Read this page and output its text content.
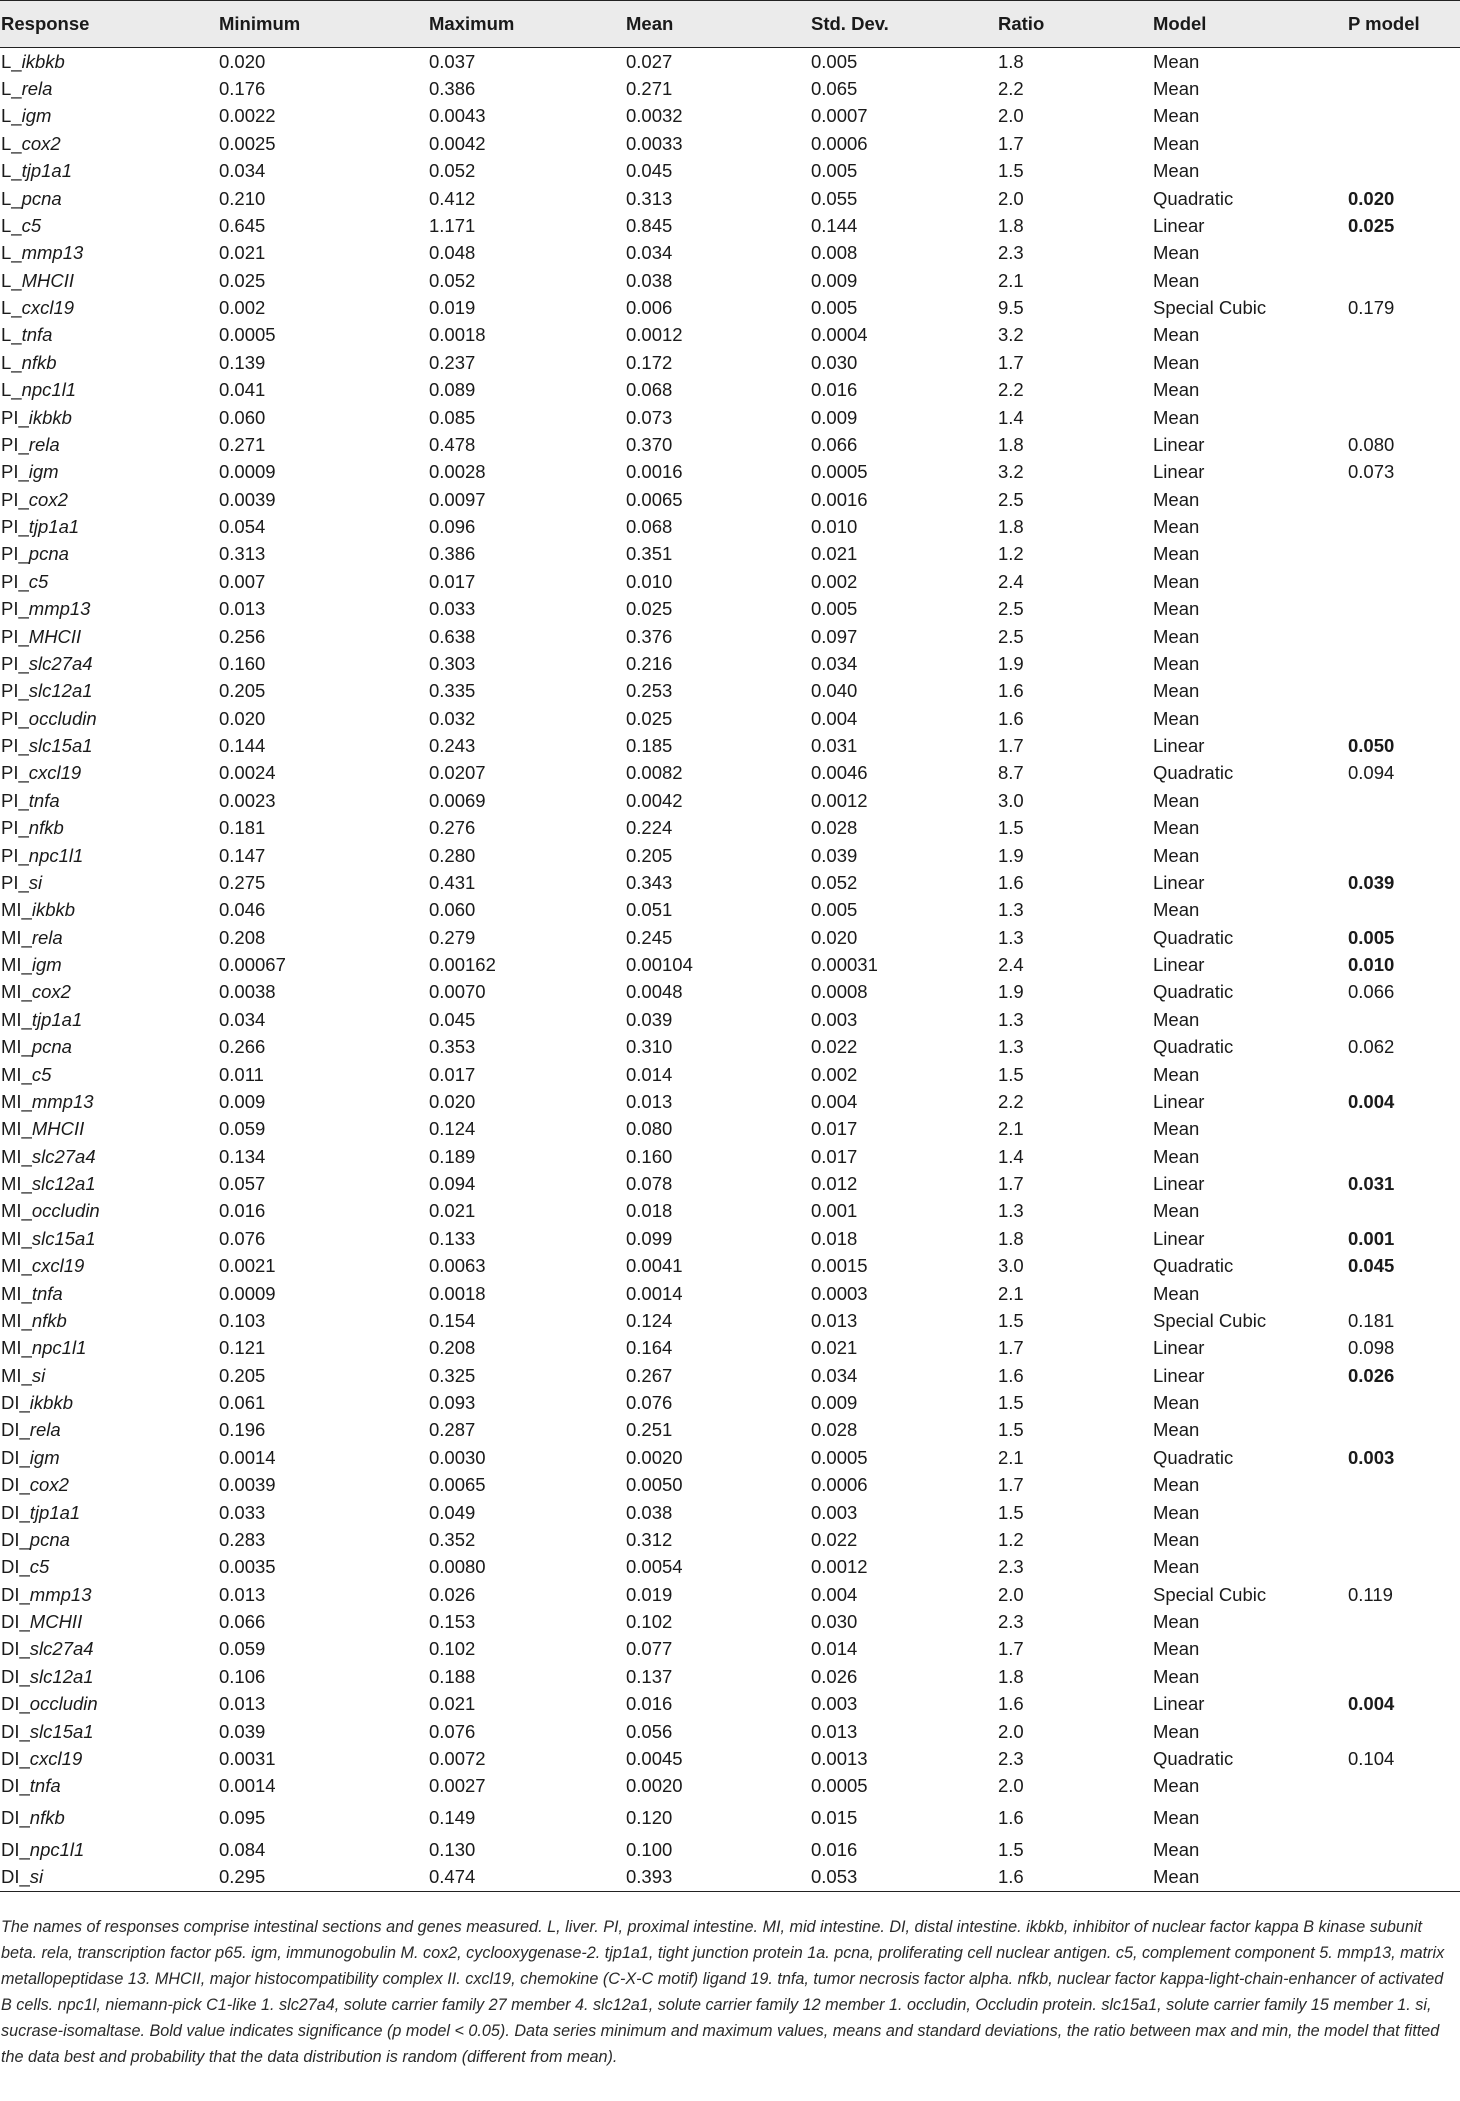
Response	Minimum	Maximum	Mean	Std. Dev.	Ratio	Model	P model
L_ikbkb	0.020	0.037	0.027	0.005	1.8	Mean	
L_rela	0.176	0.386	0.271	0.065	2.2	Mean	
L_igm	0.0022	0.0043	0.0032	0.0007	2.0	Mean	
L_cox2	0.0025	0.0042	0.0033	0.0006	1.7	Mean	
L_tjp1a1	0.034	0.052	0.045	0.005	1.5	Mean	
L_pcna	0.210	0.412	0.313	0.055	2.0	Quadratic	0.020
L_c5	0.645	1.171	0.845	0.144	1.8	Linear	0.025
L_mmp13	0.021	0.048	0.034	0.008	2.3	Mean	
L_MHCII	0.025	0.052	0.038	0.009	2.1	Mean	
L_cxcl19	0.002	0.019	0.006	0.005	9.5	Special Cubic	0.179
L_tnfa	0.0005	0.0018	0.0012	0.0004	3.2	Mean	
L_nfkb	0.139	0.237	0.172	0.030	1.7	Mean	
L_npc1l1	0.041	0.089	0.068	0.016	2.2	Mean	
PI_ikbkb	0.060	0.085	0.073	0.009	1.4	Mean	
PI_rela	0.271	0.478	0.370	0.066	1.8	Linear	0.080
PI_igm	0.0009	0.0028	0.0016	0.0005	3.2	Linear	0.073
PI_cox2	0.0039	0.0097	0.0065	0.0016	2.5	Mean	
PI_tjp1a1	0.054	0.096	0.068	0.010	1.8	Mean	
PI_pcna	0.313	0.386	0.351	0.021	1.2	Mean	
PI_c5	0.007	0.017	0.010	0.002	2.4	Mean	
PI_mmp13	0.013	0.033	0.025	0.005	2.5	Mean	
PI_MHCII	0.256	0.638	0.376	0.097	2.5	Mean	
PI_slc27a4	0.160	0.303	0.216	0.034	1.9	Mean	
PI_slc12a1	0.205	0.335	0.253	0.040	1.6	Mean	
PI_occludin	0.020	0.032	0.025	0.004	1.6	Mean	
PI_slc15a1	0.144	0.243	0.185	0.031	1.7	Linear	0.050
PI_cxcl19	0.0024	0.0207	0.0082	0.0046	8.7	Quadratic	0.094
PI_tnfa	0.0023	0.0069	0.0042	0.0012	3.0	Mean	
PI_nfkb	0.181	0.276	0.224	0.028	1.5	Mean	
PI_npc1l1	0.147	0.280	0.205	0.039	1.9	Mean	
PI_si	0.275	0.431	0.343	0.052	1.6	Linear	0.039
MI_ikbkb	0.046	0.060	0.051	0.005	1.3	Mean	
MI_rela	0.208	0.279	0.245	0.020	1.3	Quadratic	0.005
MI_igm	0.00067	0.00162	0.00104	0.00031	2.4	Linear	0.010
MI_cox2	0.0038	0.0070	0.0048	0.0008	1.9	Quadratic	0.066
MI_tjp1a1	0.034	0.045	0.039	0.003	1.3	Mean	
MI_pcna	0.266	0.353	0.310	0.022	1.3	Quadratic	0.062
MI_c5	0.011	0.017	0.014	0.002	1.5	Mean	
MI_mmp13	0.009	0.020	0.013	0.004	2.2	Linear	0.004
MI_MHCII	0.059	0.124	0.080	0.017	2.1	Mean	
MI_slc27a4	0.134	0.189	0.160	0.017	1.4	Mean	
MI_slc12a1	0.057	0.094	0.078	0.012	1.7	Linear	0.031
MI_occludin	0.016	0.021	0.018	0.001	1.3	Mean	
MI_slc15a1	0.076	0.133	0.099	0.018	1.8	Linear	0.001
MI_cxcl19	0.0021	0.0063	0.0041	0.0015	3.0	Quadratic	0.045
MI_tnfa	0.0009	0.0018	0.0014	0.0003	2.1	Mean	
MI_nfkb	0.103	0.154	0.124	0.013	1.5	Special Cubic	0.181
MI_npc1l1	0.121	0.208	0.164	0.021	1.7	Linear	0.098
MI_si	0.205	0.325	0.267	0.034	1.6	Linear	0.026
DI_ikbkb	0.061	0.093	0.076	0.009	1.5	Mean	
DI_rela	0.196	0.287	0.251	0.028	1.5	Mean	
DI_igm	0.0014	0.0030	0.0020	0.0005	2.1	Quadratic	0.003
DI_cox2	0.0039	0.0065	0.0050	0.0006	1.7	Mean	
DI_tjp1a1	0.033	0.049	0.038	0.003	1.5	Mean	
DI_pcna	0.283	0.352	0.312	0.022	1.2	Mean	
DI_c5	0.0035	0.0080	0.0054	0.0012	2.3	Mean	
DI_mmp13	0.013	0.026	0.019	0.004	2.0	Special Cubic	0.119
DI_MCHII	0.066	0.153	0.102	0.030	2.3	Mean	
DI_slc27a4	0.059	0.102	0.077	0.014	1.7	Mean	
DI_slc12a1	0.106	0.188	0.137	0.026	1.8	Mean	
DI_occludin	0.013	0.021	0.016	0.003	1.6	Linear	0.004
DI_slc15a1	0.039	0.076	0.056	0.013	2.0	Mean	
DI_cxcl19	0.0031	0.0072	0.0045	0.0013	2.3	Quadratic	0.104
DI_tnfa	0.0014	0.0027	0.0020	0.0005	2.0	Mean	
DI_nfkb	0.095	0.149	0.120	0.015	1.6	Mean	
DI_npc1l1	0.084	0.130	0.100	0.016	1.5	Mean	
DI_si	0.295	0.474	0.393	0.053	1.6	Mean	

The names of responses comprise intestinal sections and genes measured. L, liver. PI, proximal intestine. MI, mid intestine. DI, distal intestine. ikbkb, inhibitor of nuclear factor kappa B kinase subunit beta. rela, transcription factor p65. igm, immunogobulin M. cox2, cyclooxygenase-2. tjp1a1, tight junction protein 1a. pcna, proliferating cell nuclear antigen. c5, complement component 5. mmp13, matrix metallopeptidase 13. MHCII, major histocompatibility complex II. cxcl19, chemokine (C-X-C motif) ligand 19. tnfa, tumor necrosis factor alpha. nfkb, nuclear factor kappa-light-chain-enhancer of activated B cells. npc1l, niemann-pick C1-like 1. slc27a4, solute carrier family 27 member 4. slc12a1, solute carrier family 12 member 1. occludin, Occludin protein. slc15a1, solute carrier family 15 member 1. si, sucrase-isomaltase. Bold value indicates significance (p model < 0.05). Data series minimum and maximum values, means and standard deviations, the ratio between max and min, the model that fitted the data best and probability that the data distribution is random (different from mean).
